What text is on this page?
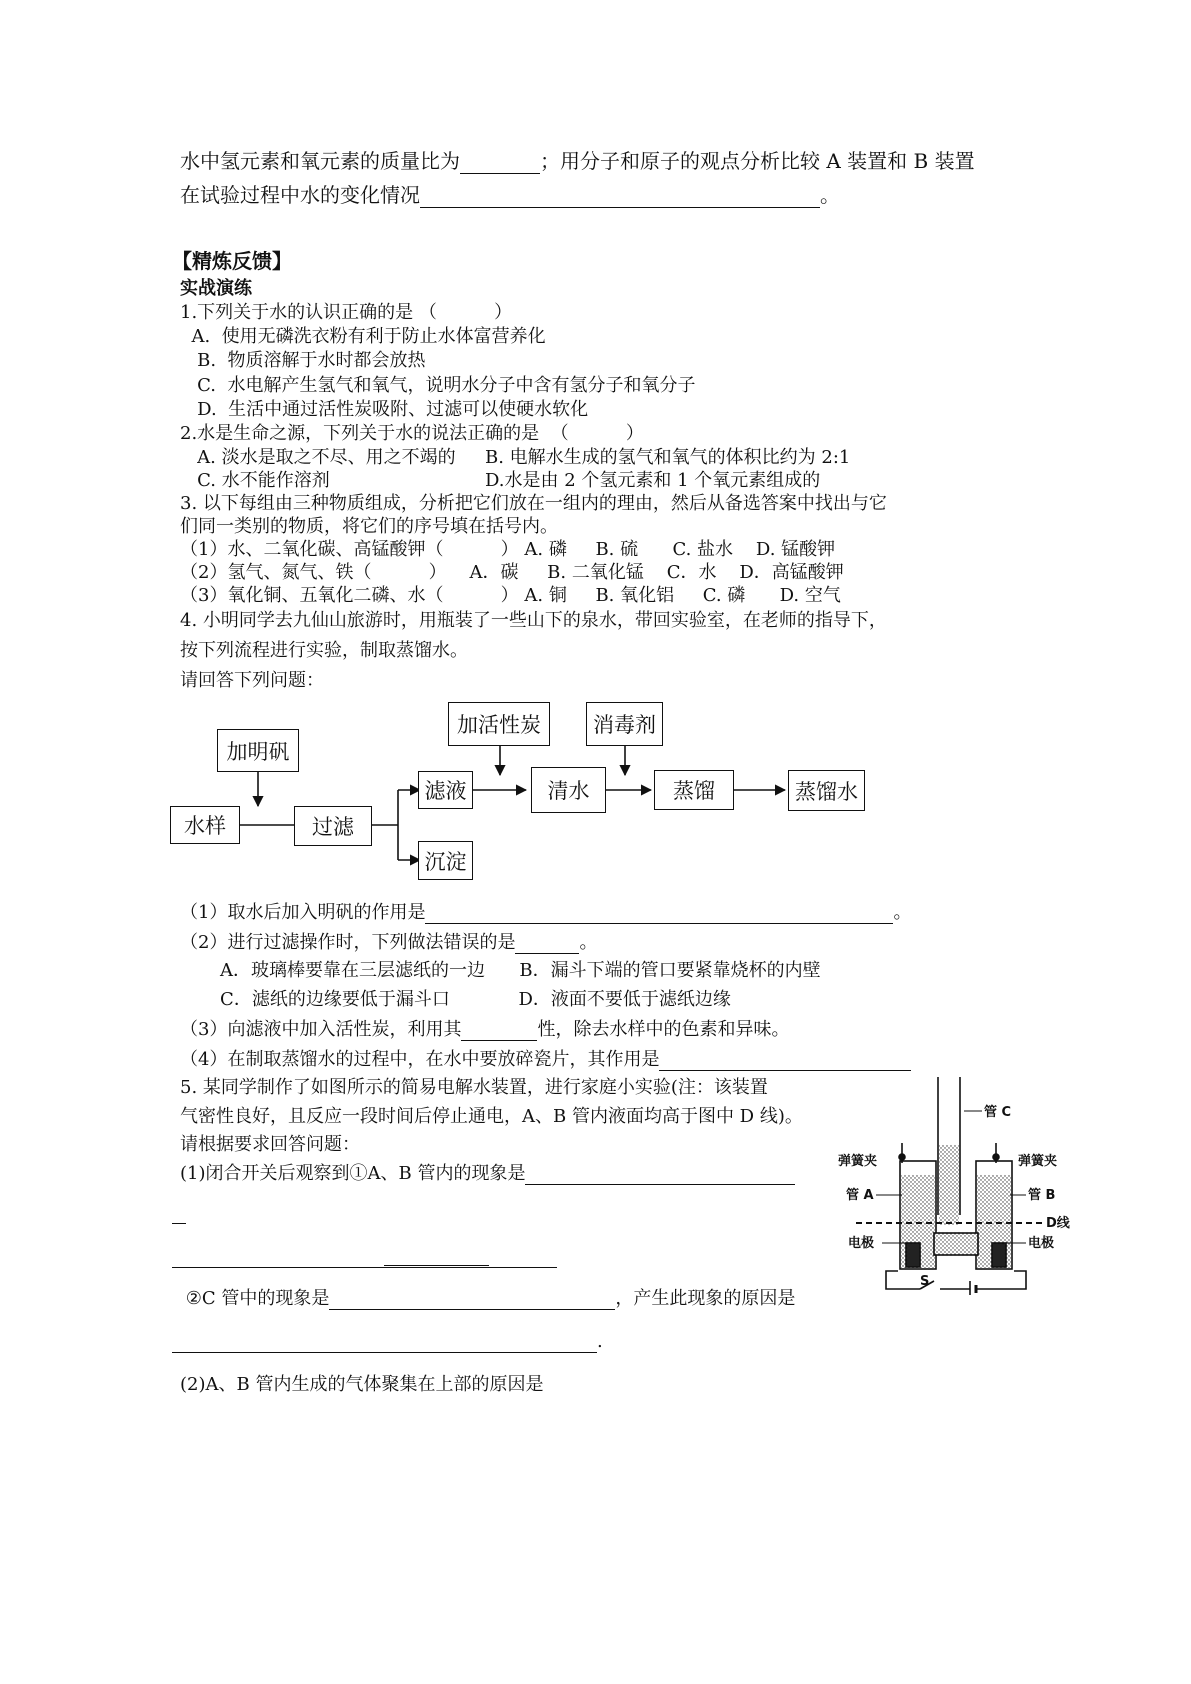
水中氢元素和氧元素的质量比为	；用分子和原子的观点分析比较 A 装置和 B 装置
在试验过程中水的变化情况	。
【精炼反馈】
实战演练
1.下列关于水的认识正确的是 （          ）
A.  使用无磷洗衣粉有利于防止水体富营养化
B.  物质溶解于水时都会放热
C.  水电解产生氢气和氧气，说明水分子中含有氢分子和氧分子
D.  生活中通过活性炭吸附、过滤可以使硬水软化
2.水是生命之源，下列关于水的说法正确的是  （          ）
A. 淡水是取之不尽、用之不竭的 B. 电解水生成的氢气和氧气的体积比约为 2:1
C. 水不能作溶剂	D.水是由 2 个氢元素和 1 个氧元素组成的
3. 以下每组由三种物质组成，分析把它们放在一组内的理由，然后从备选答案中找出与它
们同一类别的物质，将它们的序号填在括号内。
（1）水、二氧化碳、高锰酸钾（          ） A. 磷     B. 硫      C. 盐水    D. 锰酸钾
（2）氢气、氮气、铁（          ）    A．碳     B. 二氧化锰    C．水    D．高锰酸钾
（3）氧化铜、五氧化二磷、水（          ） A. 铜     B. 氧化铝     C. 磷      D. 空气
4. 小明同学去九仙山旅游时，用瓶装了一些山下的泉水，带回实验室，在老师的指导下，
按下列流程进行实验，制取蒸馏水。
请回答下列问题：
加明矾
水样	过滤
滤液
沉淀
加活性炭
清水
消毒剂
蒸馏	蒸馏水
（1）取水后加入明矾的作用是	。
（2）进行过滤操作时，下列做法错误的是	。
A．玻璃棒要靠在三层滤纸的一边      B．漏斗下端的管口要紧靠烧杯的内壁
C．滤纸的边缘要低于漏斗口            D．液面不要低于滤纸边缘
（3）向滤液中加入活性炭，利用其	性，除去水样中的色素和异味。
（4）在制取蒸馏水的过程中，在水中要放碎瓷片，其作用是
5. 某同学制作了如图所示的简易电解水装置，进行家庭小实验(注：该装置
气密性良好，且反应一段时间后停止通电，A、B 管内液面均高于图中 D 线)。
请根据要求回答问题：
(1)闭合开关后观察到①A、B 管内的现象是
②C 管中的现象是	，产生此现象的原因是
.
(2)A、B 管内生成的气体聚集在上部的原因是
管 C
弹簧夹	弹簧夹
管 A	管 B
D线
电极	电极
S
